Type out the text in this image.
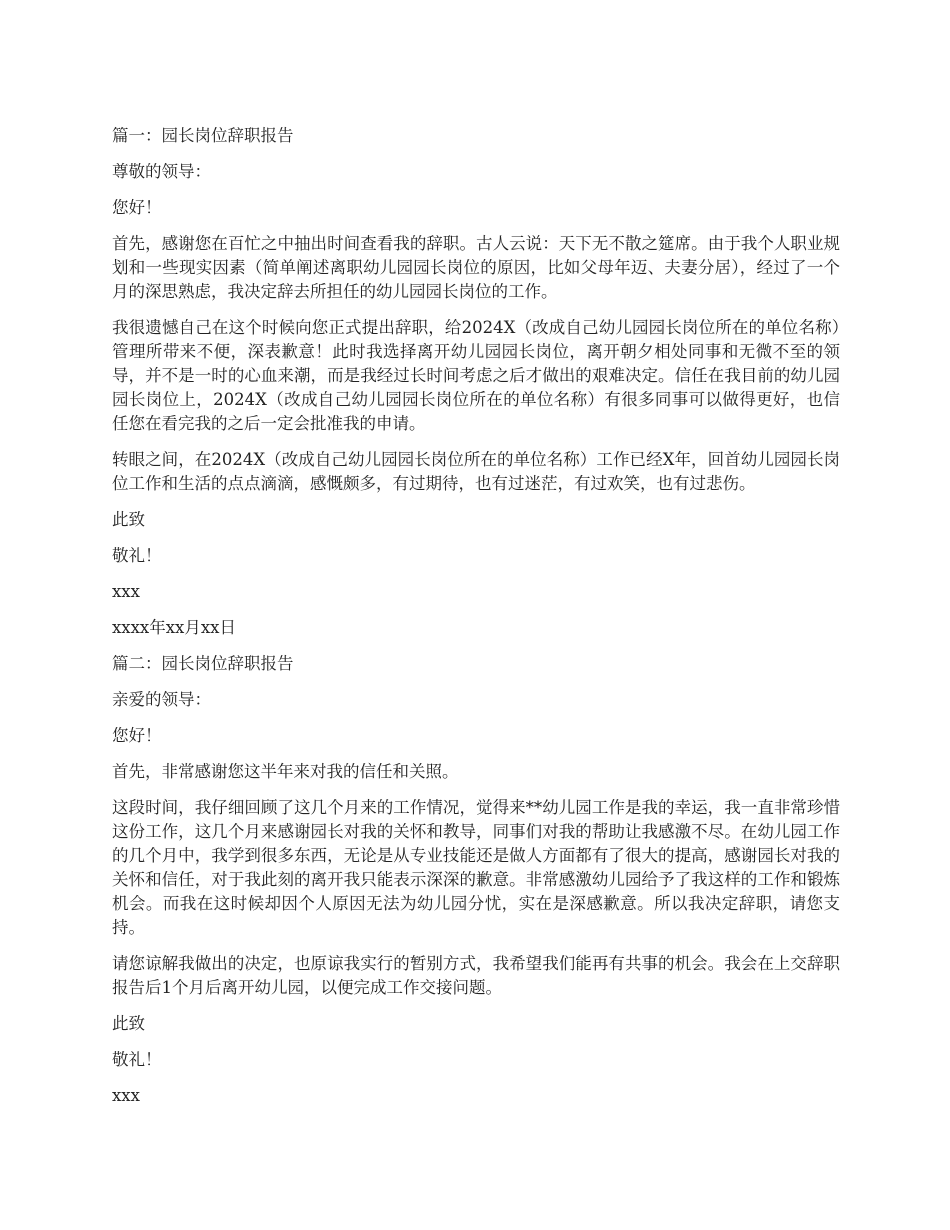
篇一：园长岗位辞职报告

尊敬的领导：

您好！

首先，感谢您在百忙之中抽出时间查看我的辞职。古人云说：天下无不散之筵席。由于我个人职业规划和一些现实因素（简单阐述离职幼儿园园长岗位的原因，比如父母年迈、夫妻分居），经过了一个月的深思熟虑，我决定辞去所担任的幼儿园园长岗位的工作。

我很遗憾自己在这个时候向您正式提出辞职，给2024X（改成自己幼儿园园长岗位所在的单位名称）管理所带来不便，深表歉意！此时我选择离开幼儿园园长岗位，离开朝夕相处同事和无微不至的领导，并不是一时的心血来潮，而是我经过长时间考虑之后才做出的艰难决定。信任在我目前的幼儿园园长岗位上，2024X（改成自己幼儿园园长岗位所在的单位名称）有很多同事可以做得更好，也信任您在看完我的之后一定会批准我的申请。

转眼之间，在2024X（改成自己幼儿园园长岗位所在的单位名称）工作已经X年，回首幼儿园园长岗位工作和生活的点点滴滴，感慨颇多，有过期待，也有过迷茫，有过欢笑，也有过悲伤。

此致

敬礼！

xxx

xxxx年xx月xx日

篇二：园长岗位辞职报告

亲爱的领导：

您好！

首先，非常感谢您这半年来对我的信任和关照。

这段时间，我仔细回顾了这几个月来的工作情况，觉得来**幼儿园工作是我的幸运，我一直非常珍惜这份工作，这几个月来感谢园长对我的关怀和教导，同事们对我的帮助让我感激不尽。在幼儿园工作的几个月中，我学到很多东西，无论是从专业技能还是做人方面都有了很大的提高，感谢园长对我的关怀和信任，对于我此刻的离开我只能表示深深的歉意。非常感激幼儿园给予了我这样的工作和锻炼机会。而我在这时候却因个人原因无法为幼儿园分忧，实在是深感歉意。所以我决定辞职，请您支持。

请您谅解我做出的决定，也原谅我实行的暂别方式，我希望我们能再有共事的机会。我会在上交辞职报告后1个月后离开幼儿园，以便完成工作交接问题。

此致

敬礼！

xxx
